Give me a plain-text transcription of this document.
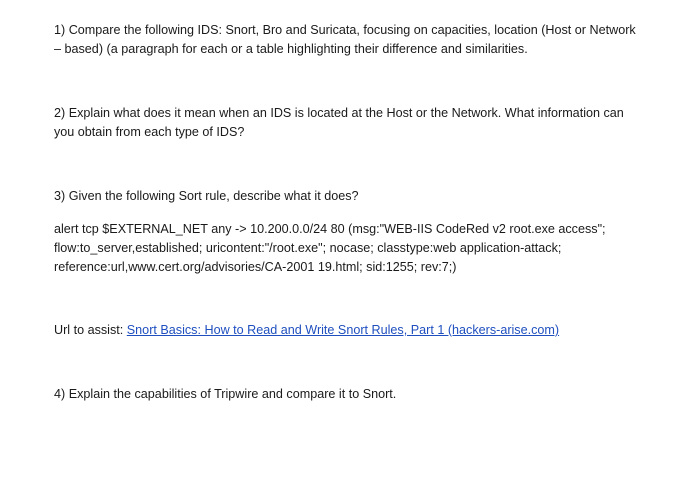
1) Compare the following IDS: Snort, Bro and Suricata, focusing on capacities, location (Host or Network
– based) (a paragraph for each or a table highlighting their difference and similarities.

2) Explain what does it mean when an IDS is located at the Host or the Network. What information can
you obtain from each type of IDS?

3) Given the following Sort rule, describe what it does?

alert tcp $EXTERNAL_NET any -> 10.200.0.0/24 80 (msg:"WEB-IIS CodeRed v2 root.exe access";
flow:to_server,established; uricontent:"/root.exe"; nocase; classtype:web application-attack;
reference:url,www.cert.org/advisories/CA-2001 19.html; sid:1255; rev:7;)

Url to assist: Snort Basics: How to Read and Write Snort Rules, Part 1 (hackers-arise.com)

4) Explain the capabilities of Tripwire and compare it to Snort.
